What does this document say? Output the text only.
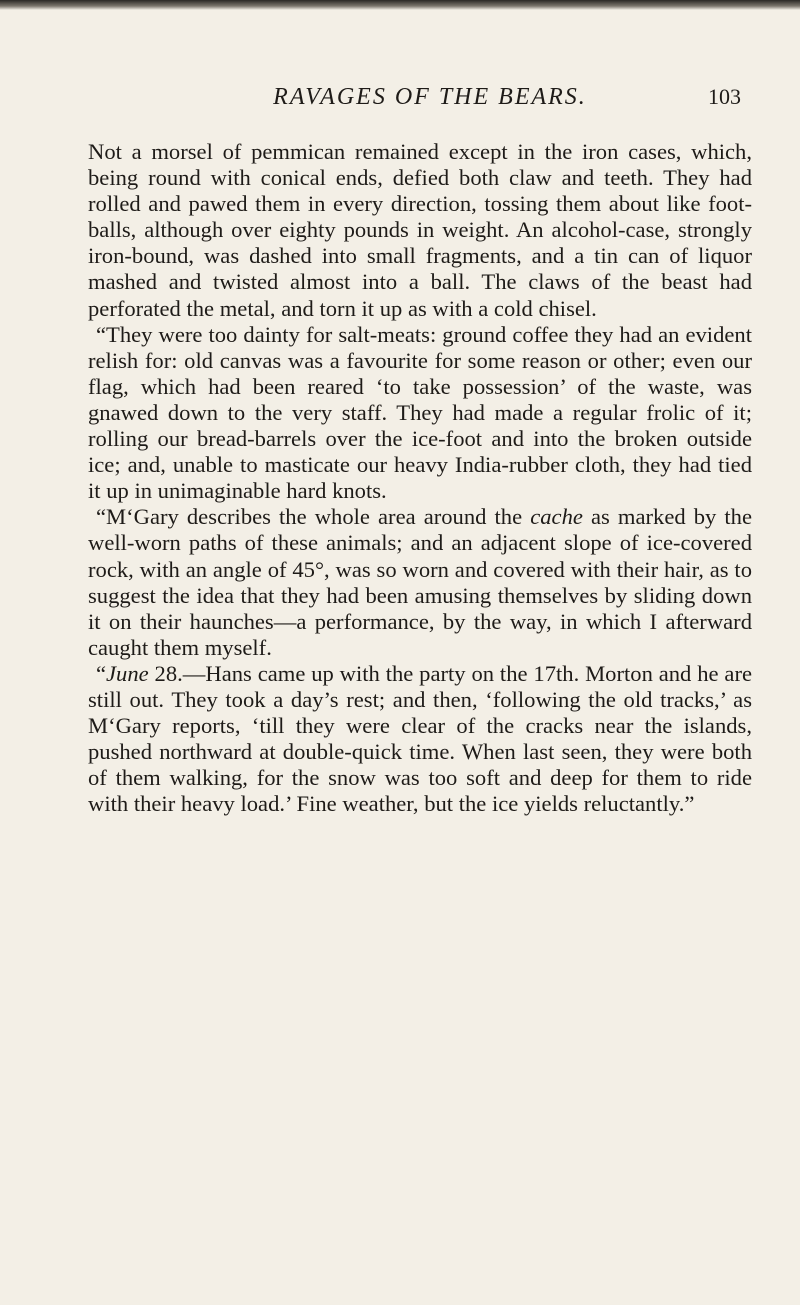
RAVAGES OF THE BEARS.	103

Not a morsel of pemmican remained except in the iron cases, which, being round with conical ends, defied both claw and teeth. They had rolled and pawed them in every direction, tossing them about like foot-balls, although over eighty pounds in weight. An alcohol-case, strongly iron-bound, was dashed into small fragments, and a tin can of liquor mashed and twisted almost into a ball. The claws of the beast had perforated the metal, and torn it up as with a cold chisel.

“They were too dainty for salt-meats: ground coffee they had an evident relish for: old canvas was a favourite for some reason or other; even our flag, which had been reared ‘to take possession’ of the waste, was gnawed down to the very staff. They had made a regular frolic of it; rolling our bread-barrels over the ice-foot and into the broken outside ice; and, unable to masticate our heavy India-rubber cloth, they had tied it up in unimaginable hard knots.

“M‘Gary describes the whole area around the cache as marked by the well-worn paths of these animals; and an adjacent slope of ice-covered rock, with an angle of 45°, was so worn and covered with their hair, as to suggest the idea that they had been amusing themselves by sliding down it on their haunches—a performance, by the way, in which I afterward caught them myself.

“June 28.—Hans came up with the party on the 17th. Morton and he are still out. They took a day’s rest; and then, ‘following the old tracks,’ as M‘Gary reports, ‘till they were clear of the cracks near the islands, pushed northward at double-quick time. When last seen, they were both of them walking, for the snow was too soft and deep for them to ride with their heavy load.’ Fine weather, but the ice yields reluctantly.”
